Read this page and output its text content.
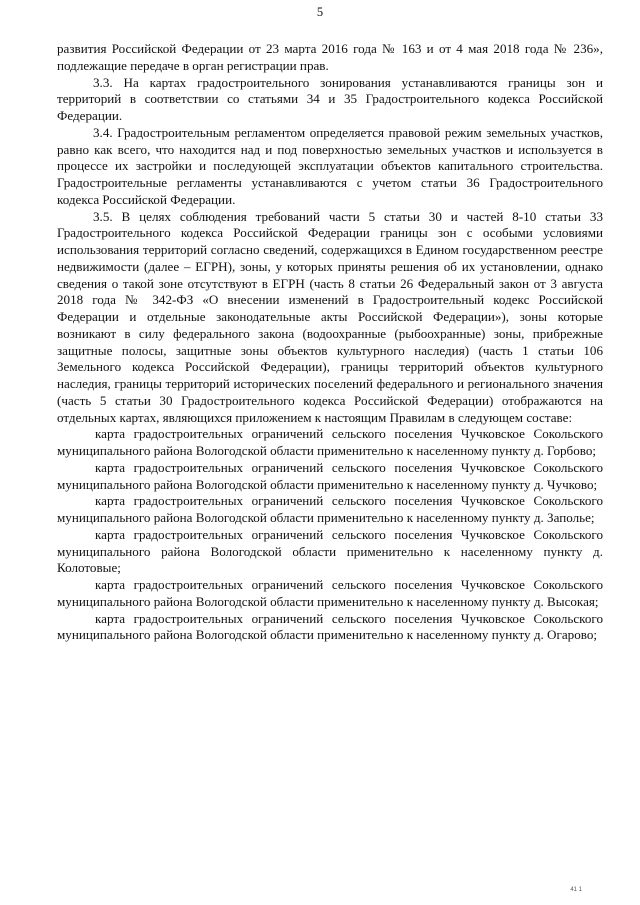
5

развития Российской Федерации от 23 марта 2016 года № 163 и от 4 мая 2018 года № 236», подлежащие передаче в орган регистрации прав.

3.3. На картах градостроительного зонирования устанавливаются границы зон и территорий в соответствии со статьями 34 и 35 Градостроительного кодекса Российской Федерации.

3.4. Градостроительным регламентом определяется правовой режим земельных участков, равно как всего, что находится над и под поверхностью земельных участков и используется в процессе их застройки и последующей эксплуатации объектов капитального строительства. Градостроительные регламенты устанавливаются с учетом статьи 36 Градостроительного кодекса Российской Федерации.

3.5. В целях соблюдения требований части 5 статьи 30 и частей 8-10 статьи 33 Градостроительного кодекса Российской Федерации границы зон с особыми условиями использования территорий согласно сведений, содержащихся в Едином государственном реестре недвижимости (далее – ЕГРН), зоны, у которых приняты решения об их установлении, однако сведения о такой зоне отсутствуют в ЕГРН (часть 8 статьи 26 Федеральный закон от 3 августа 2018 года № 342-ФЗ «О внесении изменений в Градостроительный кодекс Российской Федерации и отдельные законодательные акты Российской Федерации»), зоны которые возникают в силу федерального закона (водоохранные (рыбоохранные) зоны, прибрежные защитные полосы, защитные зоны объектов культурного наследия) (часть 1 статьи 106 Земельного кодекса Российской Федерации), границы территорий объектов культурного наследия, границы территорий исторических поселений федерального и регионального значения (часть 5 статьи 30 Градостроительного кодекса Российской Федерации) отображаются на отдельных картах, являющихся приложением к настоящим Правилам в следующем составе:

карта градостроительных ограничений сельского поселения Чучковское Сокольского муниципального района Вологодской области применительно к населенному пункту д. Горбово;

карта градостроительных ограничений сельского поселения Чучковское Сокольского муниципального района Вологодской области применительно к населенному пункту д. Чучково;

карта градостроительных ограничений сельского поселения Чучковское Сокольского муниципального района Вологодской области применительно к населенному пункту д. Заполье;

карта градостроительных ограничений сельского поселения Чучковское Сокольского муниципального района Вологодской области применительно к населенному пункту д. Колотовые;

карта градостроительных ограничений сельского поселения Чучковское Сокольского муниципального района Вологодской области применительно к населенному пункту д. Высокая;

карта градостроительных ограничений сельского поселения Чучковское Сокольского муниципального района Вологодской области применительно к населенному пункту д. Огарово;

41 1
